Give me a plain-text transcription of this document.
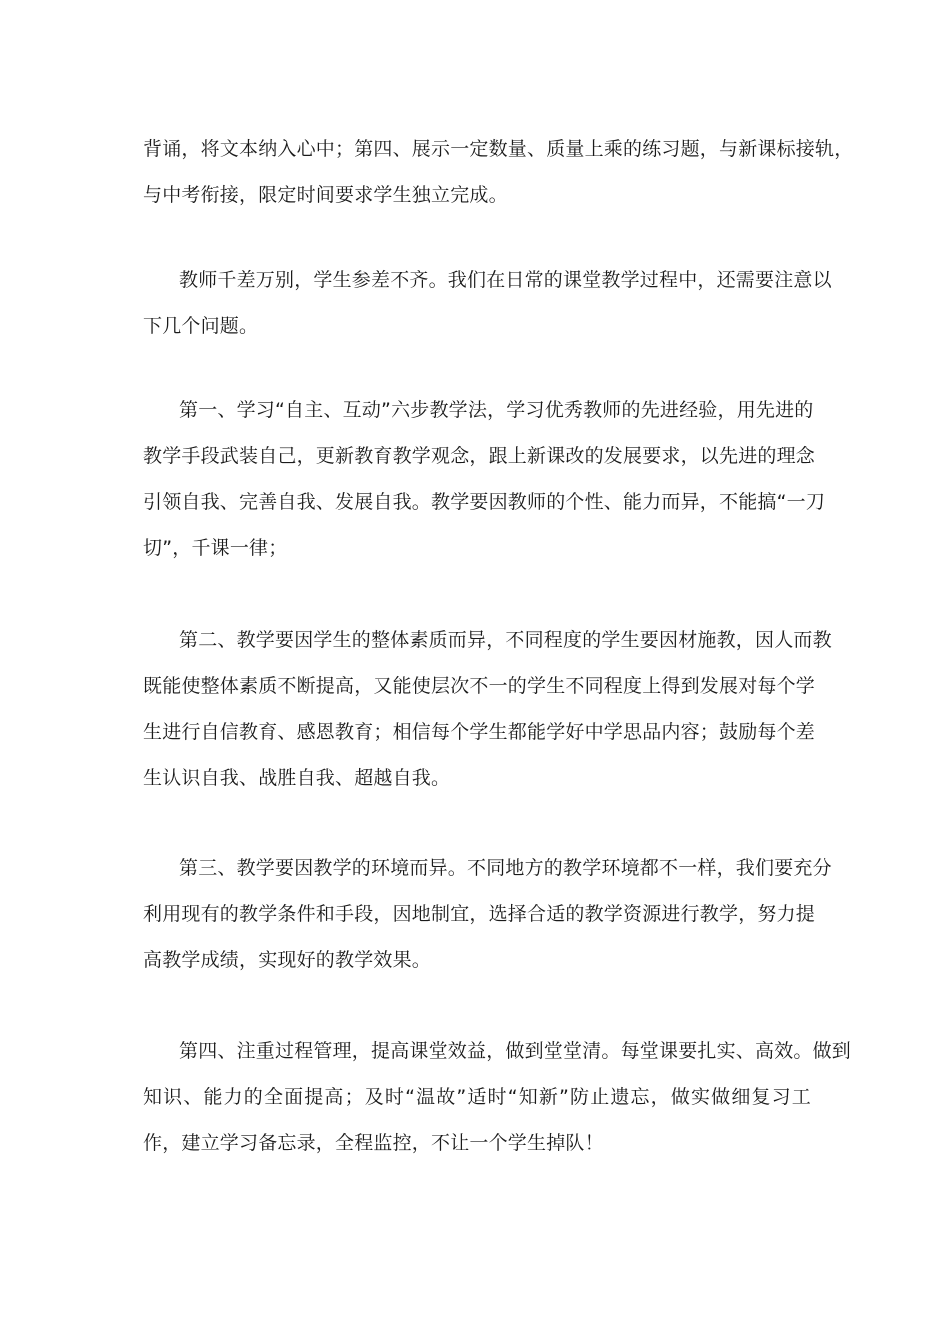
背诵，将文本纳入心中；第四、展示一定数量、质量上乘的练习题，与新课标接轨，
与中考衔接，限定时间要求学生独立完成。
教师千差万别，学生参差不齐。我们在日常的课堂教学过程中，还需要注意以
下几个问题。
第一、学习“自主、互动”六步教学法，学习优秀教师的先进经验，用先进的
教学手段武装自己，更新教育教学观念，跟上新课改的发展要求，以先进的理念
引领自我、完善自我、发展自我。教学要因教师的个性、能力而异，不能搞“一刀
切”，千课一律；
第二、教学要因学生的整体素质而异，不同程度的学生要因材施教，因人而教
既能使整体素质不断提高，又能使层次不一的学生不同程度上得到发展对每个学
生进行自信教育、感恩教育；相信每个学生都能学好中学思品内容；鼓励每个差
生认识自我、战胜自我、超越自我。
第三、教学要因教学的环境而异。不同地方的教学环境都不一样，我们要充分
利用现有的教学条件和手段，因地制宜，选择合适的教学资源进行教学，努力提
高教学成绩，实现好的教学效果。
第四、注重过程管理，提高课堂效益，做到堂堂清。每堂课要扎实、高效。做到
知识、能力的全面提高；及时“温故”适时“知新”防止遗忘，做实做细复习工
作，建立学习备忘录，全程监控，不让一个学生掉队！
